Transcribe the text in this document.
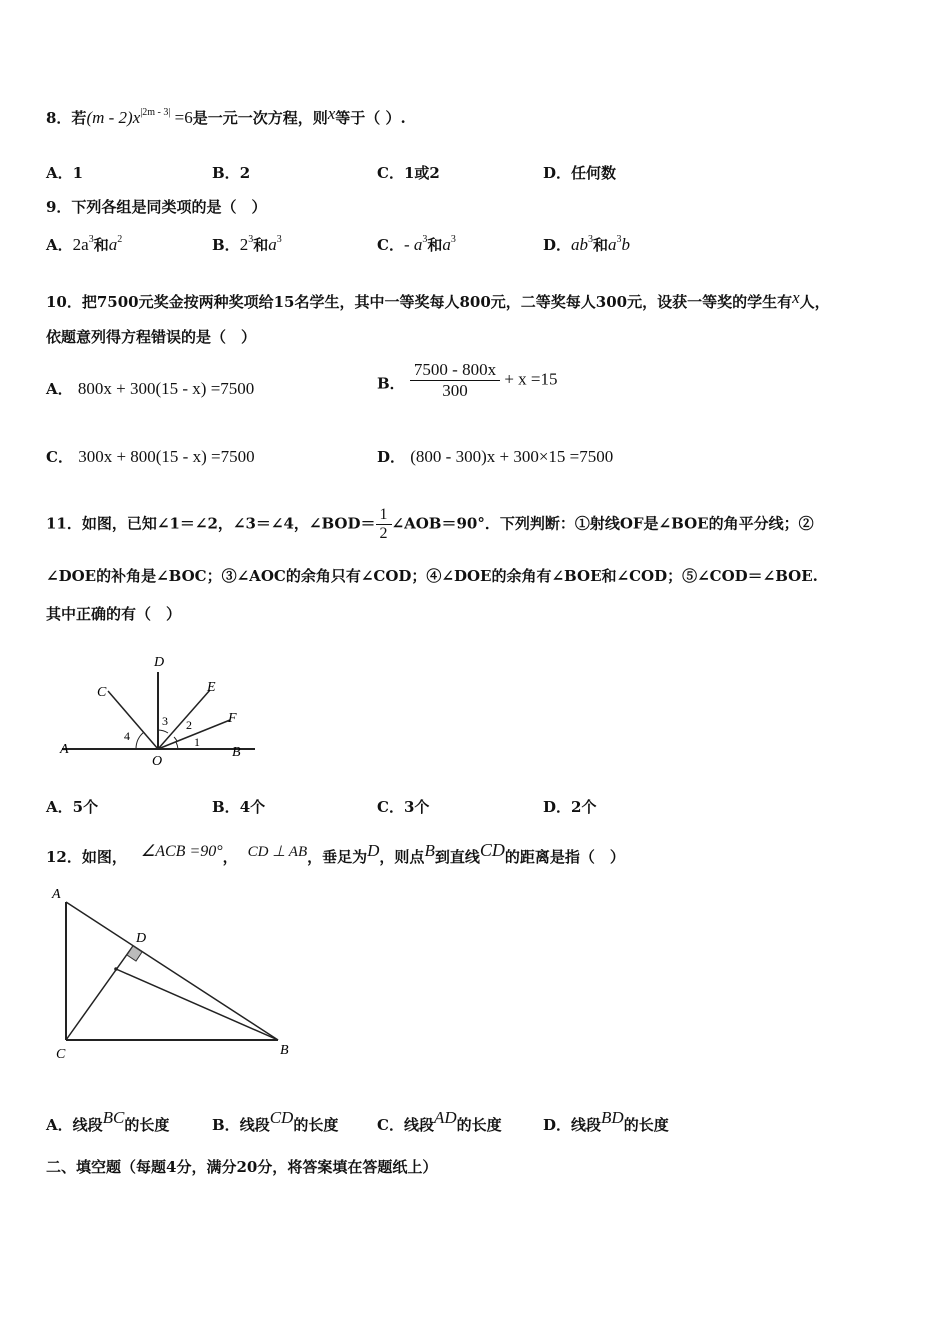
8．若$(m - 2)x^{|2m - 3|} =6$是一元一次方程，则x等于（ ）.
A．1	B．2	C．1或2	D．任何数
9．下列各组是同类项的是（　）
A．$2a^3$和$a^2$	B．$2^3$和$a^3$	C．- $a^3$和$a^3$	D．$ab^3$和$a^3b$
10．把7500元奖金按两种奖项给15名学生，其中一等奖每人800元，二等奖每人300元，设获一等奖的学生有x人，
依题意列得方程错误的是（　）
A． 800x + 300(15 - x) =7500	B． $\frac{7500 - 800x}{300} + x =15$
C． 300x + 800(15 - x) =7500	D． (800 - 300)x + 300×15 =7500
11．如图，已知∠1＝∠2，∠3＝∠4，∠BOD＝ $\frac{1}{2}$ ∠AOB＝90°．下列判断：①射线OF是∠BOE的角平分线；②
∠DOE的补角是∠BOC；③∠AOC的余角只有∠COD；④∠DOE的余角有∠BOE和∠COD；⑤∠COD＝∠BOE.
其中正确的有（　）
A	B
C
D
E
F
O
1
2
3
4
A．5个	B．4个	C．3个	D．2个
12．如图， ∠ACB =90°， CD ⊥ AB，垂足为D，则点B到直线CD的距离是指（　）
A
B
C
D
A．线段BC的长度	B．线段CD的长度	C．线段AD的长度	D．线段BD的长度
二、填空题（每题4分，满分20分，将答案填在答题纸上）
